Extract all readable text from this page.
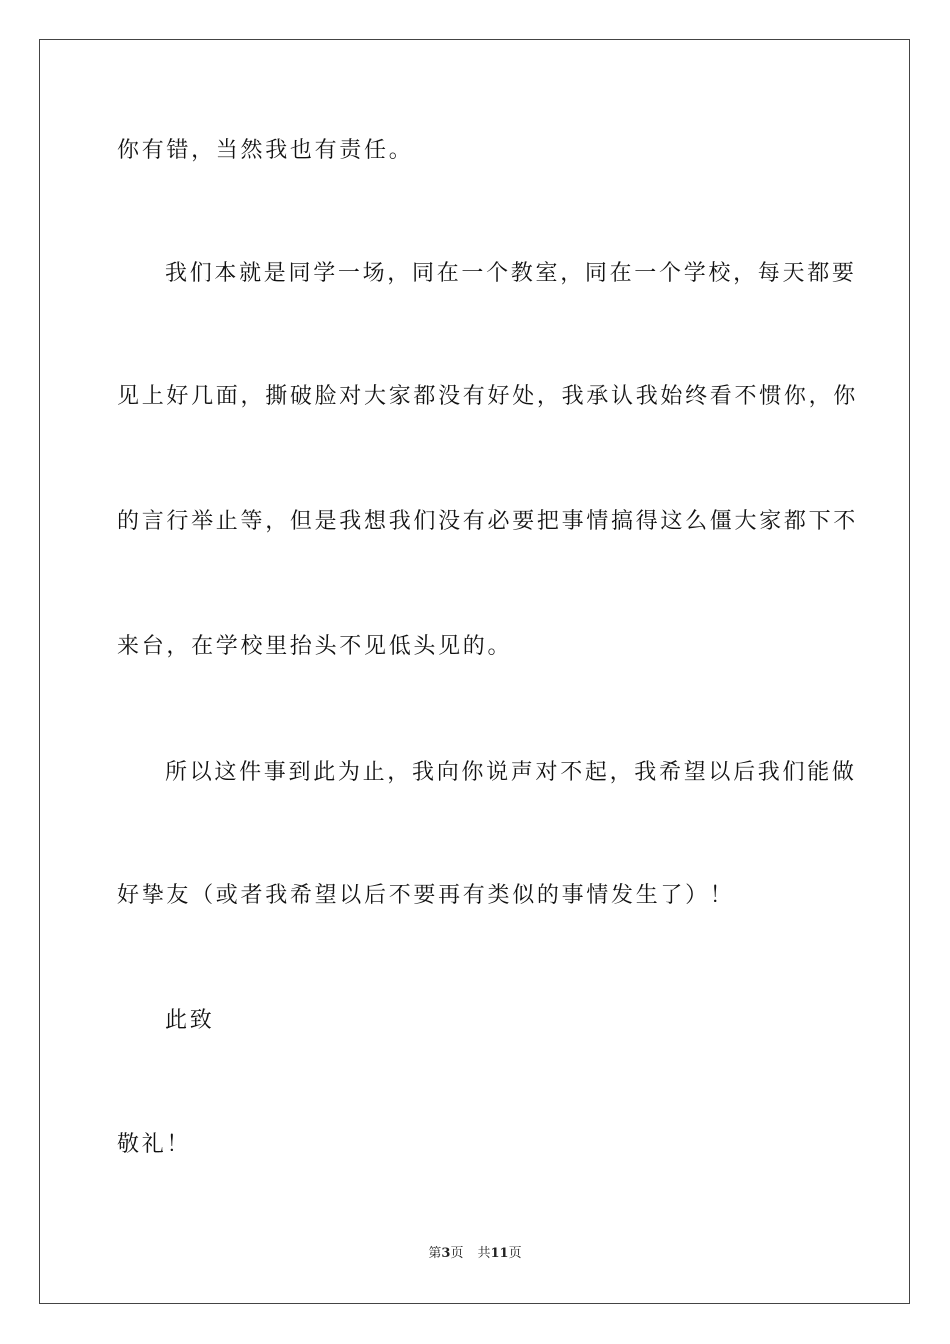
你有错，当然我也有责任。
我们本就是同学一场，同在一个教室，同在一个学校，每天都要
见上好几面，撕破脸对大家都没有好处，我承认我始终看不惯你，你
的言行举止等，但是我想我们没有必要把事情搞得这么僵大家都下不
来台，在学校里抬头不见低头见的。
所以这件事到此为止，我向你说声对不起，我希望以后我们能做
好挚友（或者我希望以后不要再有类似的事情发生了）！
此致
敬礼！
第3页 共11页
